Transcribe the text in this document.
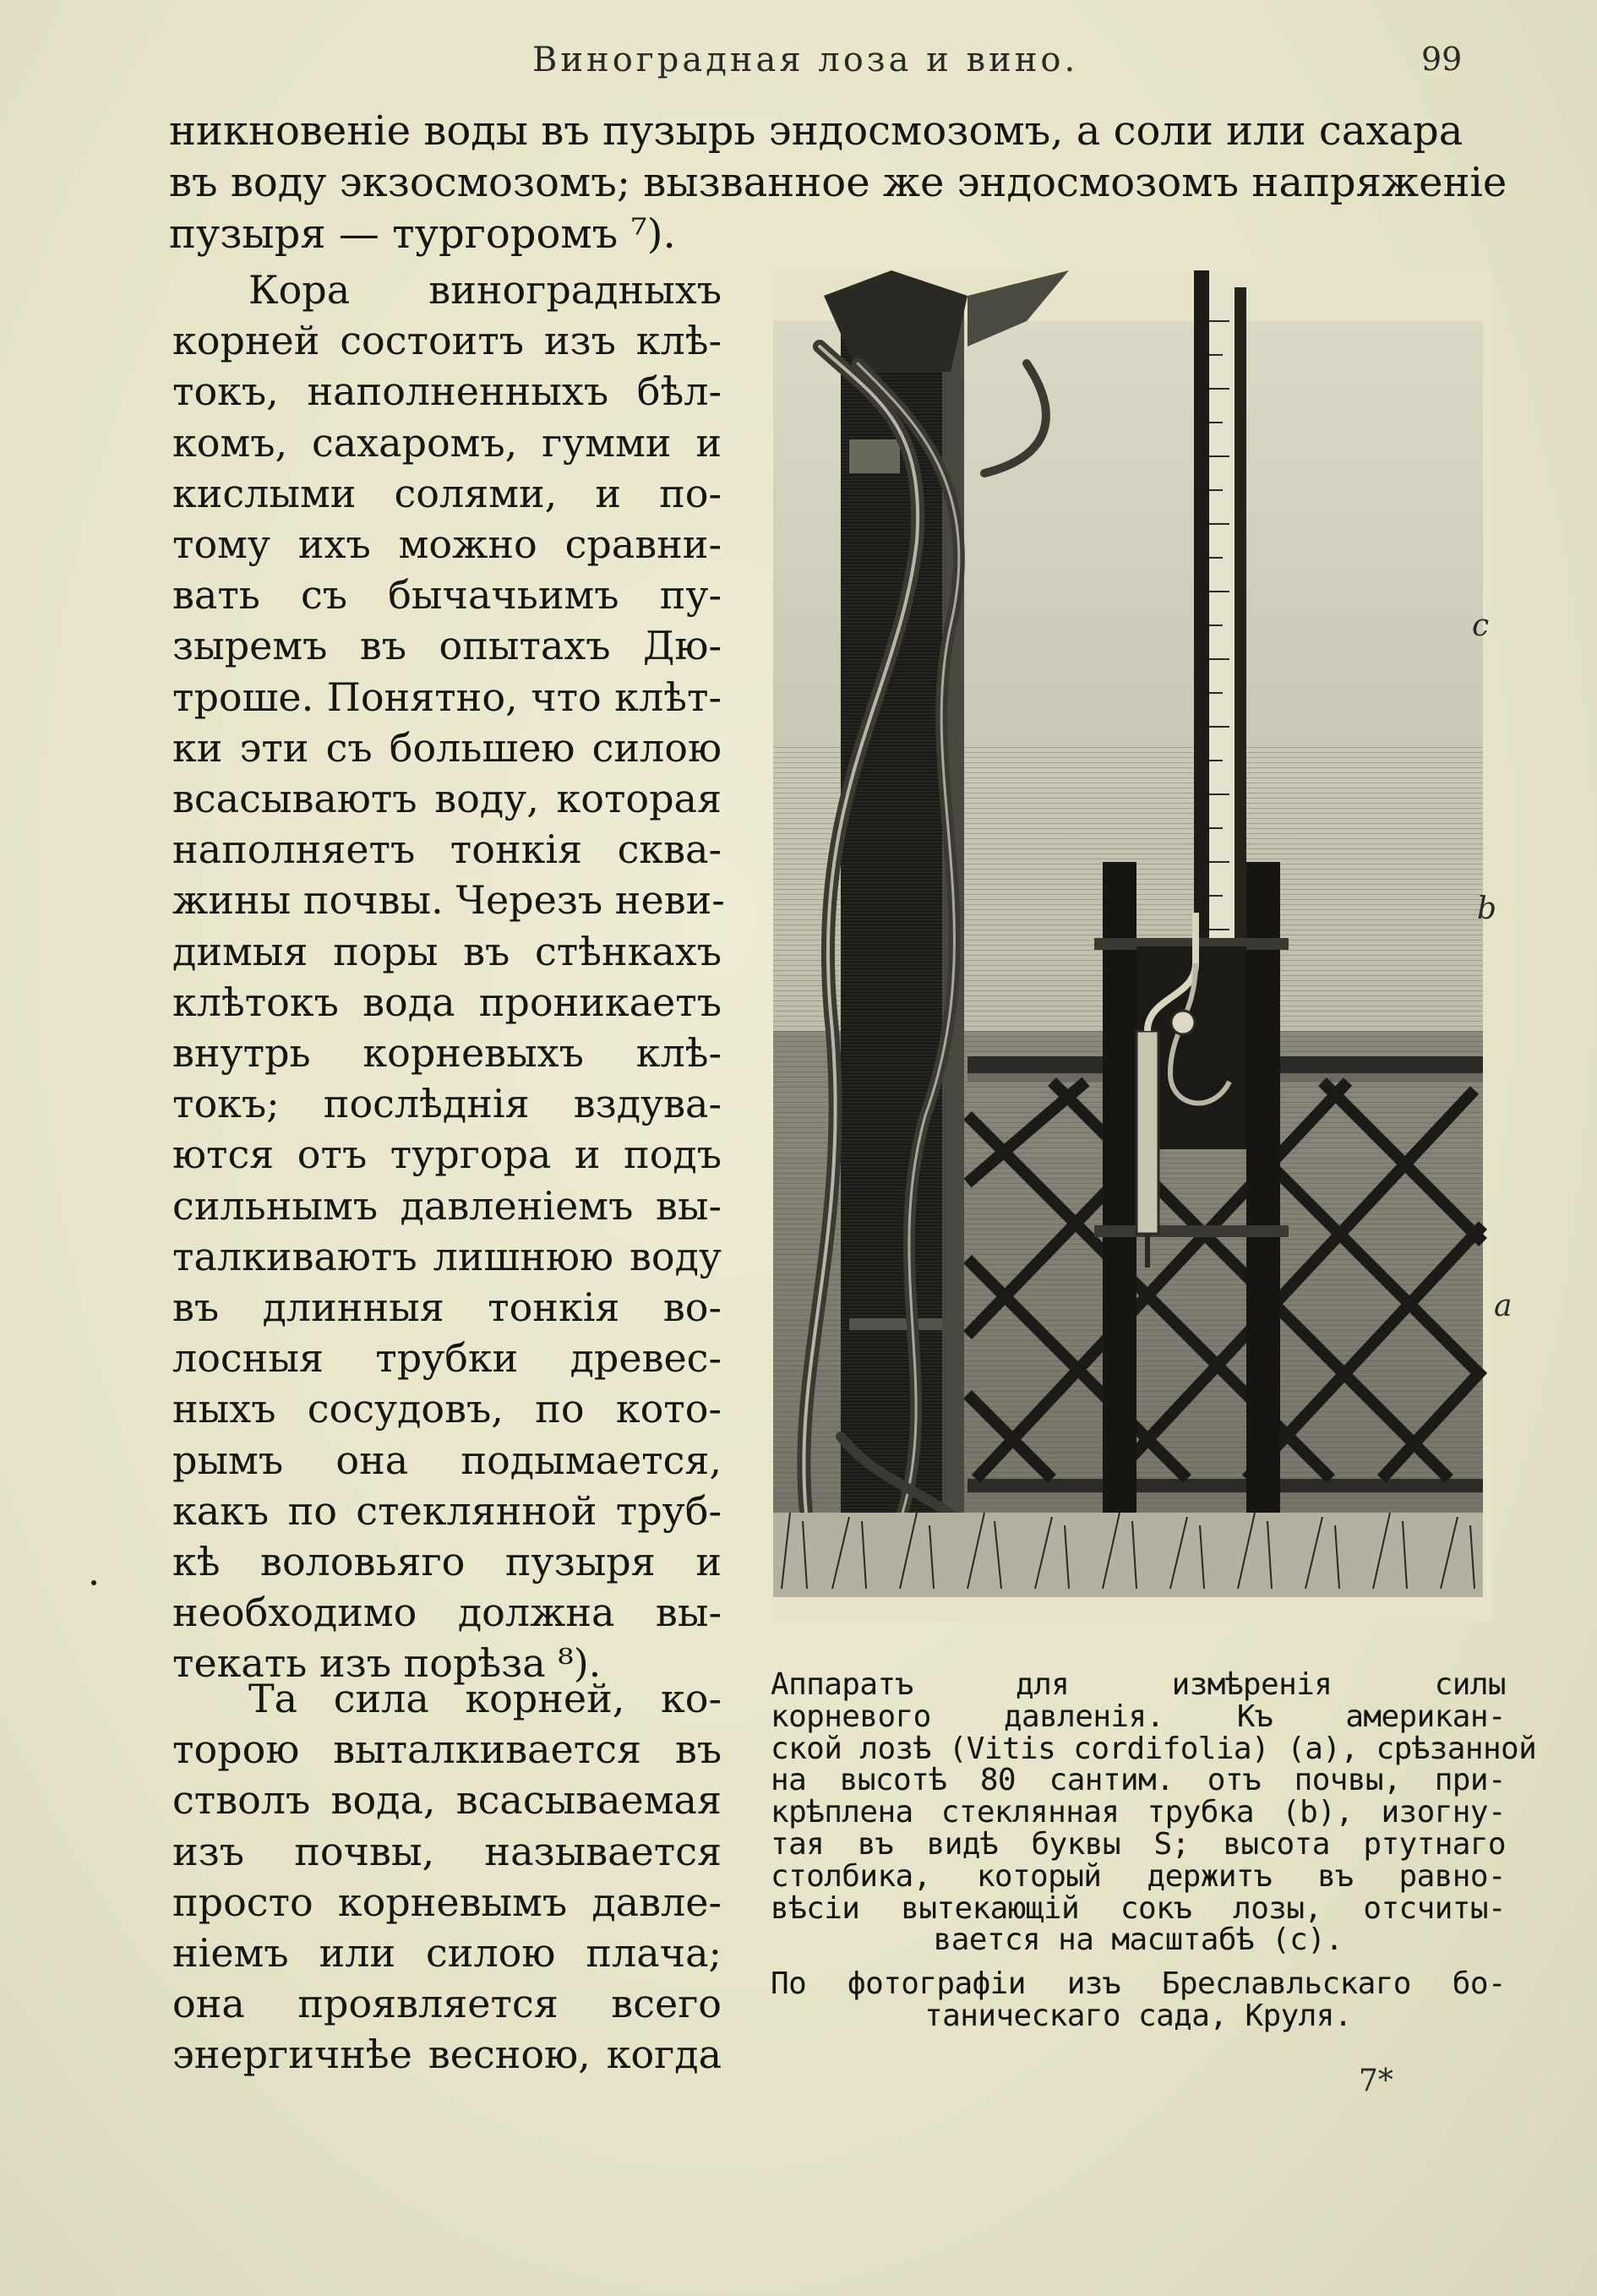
Виноградная лоза и вино.	99
никновеніе воды въ пузырь эндосмозомъ, а соли или сахара
въ воду экзосмозомъ; вызванное же эндосмозомъ напряженіе
пузыря — тургоромъ ⁷).
Кора виноградныхъ
корней состоитъ изъ клѣ-
токъ, наполненныхъ бѣл-
комъ, сахаромъ, гумми и
кислыми солями, и по-
тому ихъ можно сравни-
вать съ бычачьимъ пу-
зыремъ въ опытахъ Дю-
троше. Понятно, что клѣт-
ки эти съ большею силою
всасываютъ воду, которая
наполняетъ тонкія сква-
жины почвы. Черезъ неви-
димыя поры въ стѣнкахъ
клѣтокъ вода проникаетъ
внутрь корневыхъ клѣ-
токъ; послѣднія вздува-
ются отъ тургора и подъ
сильнымъ давленіемъ вы-
талкиваютъ лишнюю воду
въ длинныя тонкія во-
лосныя трубки древес-
ныхъ сосудовъ, по кото-
рымъ она подымается,
какъ по стеклянной труб-
кѣ воловьяго пузыря и
необходимо должна вы-
текать изъ порѣза ⁸).
Та сила корней, ко-
торою выталкивается въ
стволъ вода, всасываемая
изъ почвы, называется
просто корневымъ давле-
ніемъ или силою плача;
она проявляется всего
энергичнѣе весною, когда
c
b
a
Аппаратъ для измѣренія силы
корневого давленія. Къ американ-
ской лозѣ (Vitis cordifolia) (a), срѣзанной
на высотѣ 80 сантим. отъ почвы, при-
крѣплена стеклянная трубка (b), изогну-
тая въ видѣ буквы S; высота ртутнаго
столбика, который держитъ въ равно-
вѣсіи вытекающій сокъ лозы, отсчиты-
вается на масштабѣ (c).
По фотографіи изъ Бреславльскаго бо-
таническаго сада, Круля.
7*
